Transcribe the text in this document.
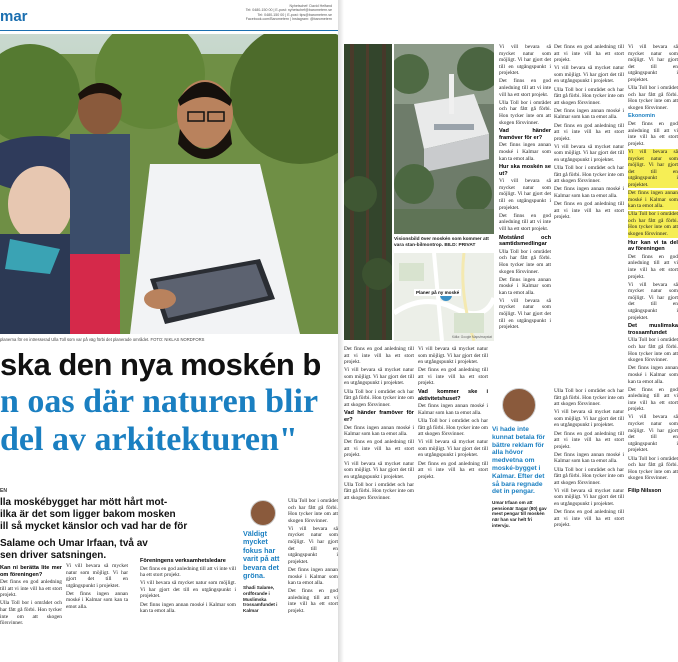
mar
Nyhetschef: David Helfand
Tel: 0480-150 00 | E-post: nyhetschef@barometern.se
Tel: 0480-150 00 | E-post: tips@barometern.se
Facebook.com/Barometern | Instagram: @barometern
planerna för en intresserad Ulla Toll som var på väg förbi det planerade området. FOTO: NIKLAS NORDFORS
ska den nya moskén b
n oas där naturen blir
del av arkitekturen"
EN
lla moskébygget har mött hårt mot-
ilka är det som ligger bakom mosken
ill så mycket känslor och vad har de för
Salame och Umar Irfaan, två av
sen driver satsningen.
Kan ni berätta lite mer om föreningen?

Det finns en god anledning till att vi inte vill ha ett stort projekt.

Ulla Toll bor i området och har fått gå förbi. Hon tycker inte om att skogen försvinner.

Vi vill bevara så mycket natur som möjligt. Vi har gjort det till en utgångspunkt i projektet.

Det finns ingen annan moské i Kalmar som kan ta emot alla.

Föreningens verksamhetsledare

Det finns en god anledning till att vi inte vill ha ett stort projekt.

Vi vill bevara så mycket natur som möjligt. Vi har gjort det till en utgångspunkt i projektet.

Det finns ingen annan moské i Kalmar som kan ta emot alla.

Väldigt mycket fokus har varit på att bevara det gröna.
Shadi Salame, ordförande i Muslimska trossamfundet i Kalmar

Ulla Toll bor i området och har fått gå förbi. Hon tycker inte om att skogen försvinner.

Vi vill bevara så mycket natur som möjligt. Vi har gjort det till en utgångspunkt i projektet.

Det finns ingen annan moské i Kalmar som kan ta emot alla.

Det finns en god anledning till att vi inte vill ha ett stort projekt.

Visionsbild över moskén som kommer att vara stan-bilmontrop. BILD: PRIVAT
Planer på ny moské
Källa: Google Maps/mapstat

Vi vill bevara så mycket natur som möjligt. Vi har gjort det till en utgångspunkt i projektet.

Det finns en god anledning till att vi inte vill ha ett stort projekt.

Ulla Toll bor i området och har fått gå förbi. Hon tycker inte om att skogen försvinner.

Vad händer framöver för er?

Det finns ingen annan moské i Kalmar som kan ta emot alla.

Hur ska moskén se ut?

Vi vill bevara så mycket natur som möjligt. Vi har gjort det till en utgångspunkt i projektet.

Det finns en god anledning till att vi inte vill ha ett stort projekt.

Motstånd och samtidsmedlingar

Ulla Toll bor i området och har fått gå förbi. Hon tycker inte om att skogen försvinner.

Det finns ingen annan moské i Kalmar som kan ta emot alla.

Vi vill bevara så mycket natur som möjligt. Vi har gjort det till en utgångspunkt i projektet.

Det finns en god anledning till att vi inte vill ha ett stort projekt.

Vi vill bevara så mycket natur som möjligt. Vi har gjort det till en utgångspunkt i projektet.

Ulla Toll bor i området och har fått gå förbi. Hon tycker inte om att skogen försvinner.

Det finns ingen annan moské i Kalmar som kan ta emot alla.

Det finns en god anledning till att vi inte vill ha ett stort projekt.

Vi vill bevara så mycket natur som möjligt. Vi har gjort det till en utgångspunkt i projektet.

Ulla Toll bor i området och har fått gå förbi. Hon tycker inte om att skogen försvinner.

Det finns ingen annan moské i Kalmar som kan ta emot alla.

Det finns en god anledning till att vi inte vill ha ett stort projekt.

Vi vill bevara så mycket natur som möjligt. Vi har gjort det till en utgångspunkt i projektet.

Ulla Toll bor i området och har fått gå förbi. Hon tycker inte om att skogen försvinner.

Ekonomin

Det finns en god anledning till att vi inte vill ha ett stort projekt.

Vi vill bevara så mycket natur som möjligt. Vi har gjort det till en utgångspunkt i projektet.

Det finns ingen annan moské i Kalmar som kan ta emot alla.

Ulla Toll bor i området och har fått gå förbi. Hon tycker inte om att skogen försvinner.

Hur kan vi ta del av föreningen

Det finns en god anledning till att vi inte vill ha ett stort projekt.

Vi vill bevara så mycket natur som möjligt. Vi har gjort det till en utgångspunkt i projektet.

Det muslimska trossamfundet

Ulla Toll bor i området och har fått gå förbi. Hon tycker inte om att skogen försvinner.

Det finns ingen annan moské i Kalmar som kan ta emot alla.

Det finns en god anledning till att vi inte vill ha ett stort projekt.

Vi vill bevara så mycket natur som möjligt. Vi har gjort det till en utgångspunkt i projektet.

Ulla Toll bor i området och har fått gå förbi. Hon tycker inte om att skogen försvinner.

Filip Nilsson

Det finns en god anledning till att vi inte vill ha ett stort projekt.

Vi vill bevara så mycket natur som möjligt. Vi har gjort det till en utgångspunkt i projektet.

Ulla Toll bor i området och har fått gå förbi. Hon tycker inte om att skogen försvinner.

Vad händer framöver för er?

Det finns ingen annan moské i Kalmar som kan ta emot alla.

Det finns en god anledning till att vi inte vill ha ett stort projekt.

Vi vill bevara så mycket natur som möjligt. Vi har gjort det till en utgångspunkt i projektet.

Ulla Toll bor i området och har fått gå förbi. Hon tycker inte om att skogen försvinner.

Vi vill bevara så mycket natur som möjligt. Vi har gjort det till en utgångspunkt i projektet.

Det finns en god anledning till att vi inte vill ha ett stort projekt.

Vad kommer ske i aktivitetshuset?

Det finns ingen annan moské i Kalmar som kan ta emot alla.

Ulla Toll bor i området och har fått gå förbi. Hon tycker inte om att skogen försvinner.

Vi vill bevara så mycket natur som möjligt. Vi har gjort det till en utgångspunkt i projektet.

Det finns en god anledning till att vi inte vill ha ett stort projekt.

Vi hade inte kunnat betala för bättre reklam för alla hövor medvetna om moské-bygget i Kalmar. Efter det så bara regnade det in pengar.
Umar Irfaan om att pensionär Sagar (80) gav mest pengar till moskén när han var helt fri intervju.

Ulla Toll bor i området och har fått gå förbi. Hon tycker inte om att skogen försvinner.

Vi vill bevara så mycket natur som möjligt. Vi har gjort det till en utgångspunkt i projektet.

Det finns en god anledning till att vi inte vill ha ett stort projekt.

Det finns ingen annan moské i Kalmar som kan ta emot alla.

Ulla Toll bor i området och har fått gå förbi. Hon tycker inte om att skogen försvinner.

Vi vill bevara så mycket natur som möjligt. Vi har gjort det till en utgångspunkt i projektet.

Det finns en god anledning till att vi inte vill ha ett stort projekt.
